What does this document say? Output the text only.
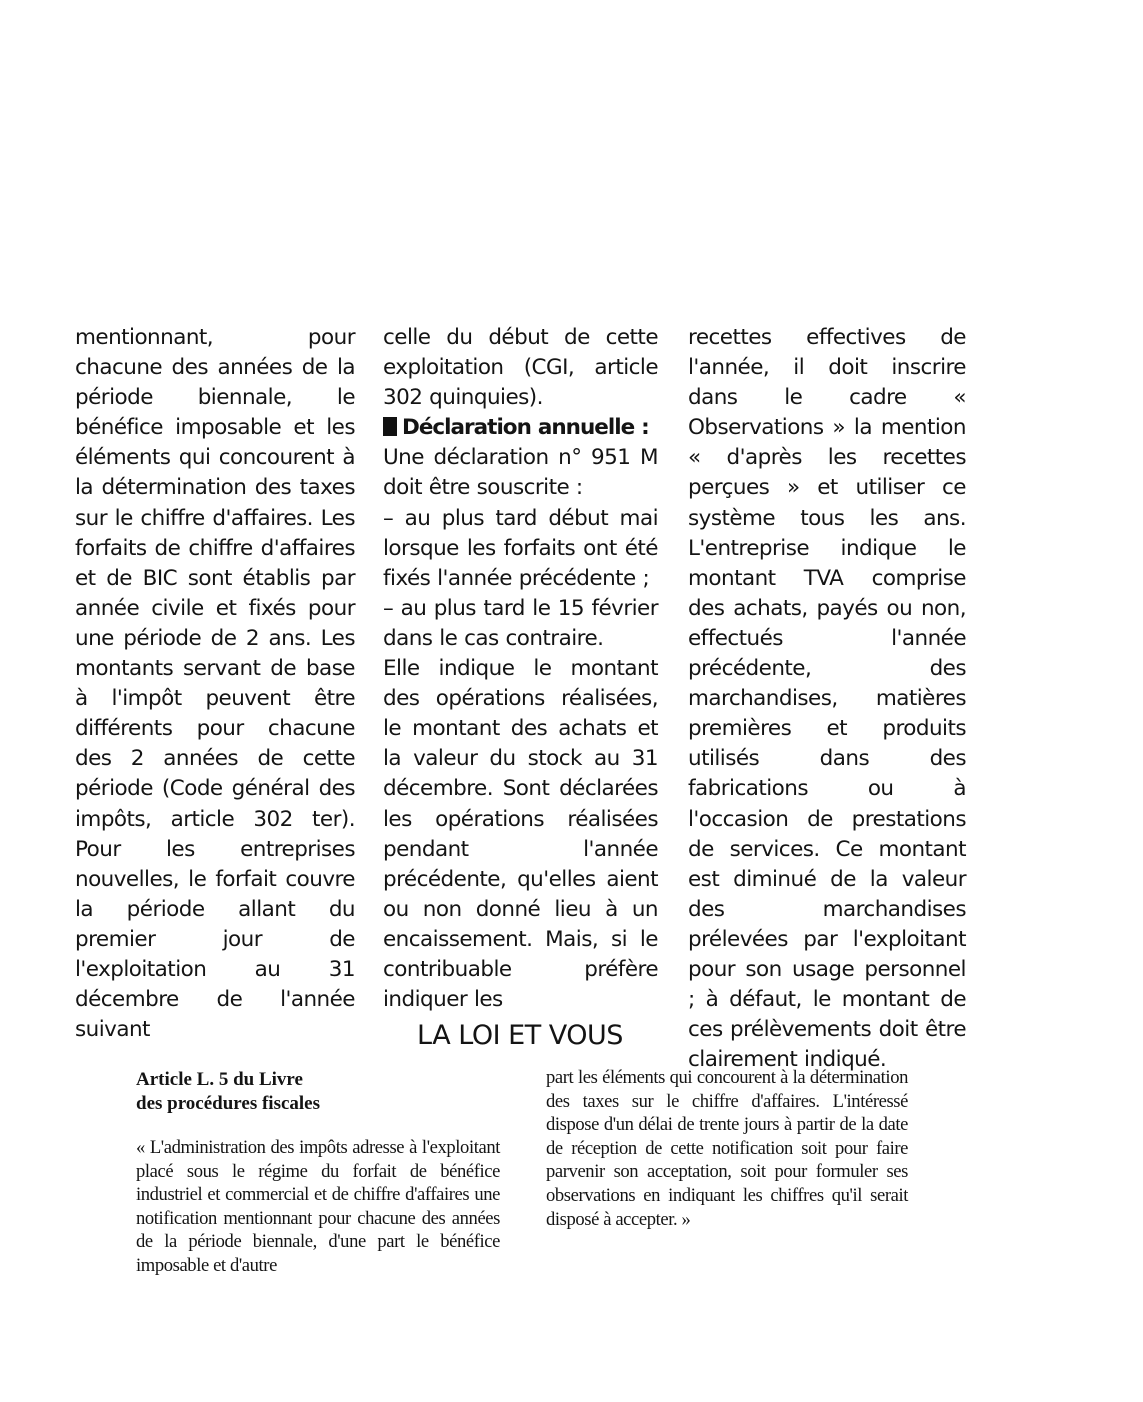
mentionnant, pour chacune des années de la période biennale, le bénéfice imposable et les éléments qui concourent à la détermination des taxes sur le chiffre d'affaires. Les forfaits de chiffre d'affaires et de BIC sont établis par année civile et fixés pour une période de 2 ans. Les montants servant de base à l'impôt peuvent être différents pour chacune des 2 années de cette période (Code général des impôts, article 302 ter). Pour les entreprises nouvelles, le forfait couvre la période allant du premier jour de l'exploitation au 31 décembre de l'année suivant

celle du début de cette exploitation (CGI, article 302 quinquies).

Déclaration annuelle :

Une déclaration n° 951 M doit être souscrite :

– au plus tard début mai lorsque les forfaits ont été fixés l'année précédente ;

– au plus tard le 15 février dans le cas contraire.

Elle indique le montant des opérations réalisées, le montant des achats et la valeur du stock au 31 décembre. Sont déclarées les opérations réalisées pendant l'année précédente, qu'elles aient ou non donné lieu à un encaissement. Mais, si le contribuable préfère indiquer les

recettes effectives de l'année, il doit inscrire dans le cadre « Observations » la mention « d'après les recettes perçues » et utiliser ce système tous les ans. L'entreprise indique le montant TVA comprise des achats, payés ou non, effectués l'année précédente, des marchandises, matières premières et produits utilisés dans des fabrications ou à l'occasion de prestations de services. Ce montant est diminué de la valeur des marchandises prélevées par l'exploitant pour son usage personnel ; à défaut, le montant de ces prélèvements doit être clairement indiqué.

LA LOI ET VOUS
Article L. 5 du Livre
des procédures fiscales

« L'administration des impôts adresse à l'exploitant placé sous le régime du forfait de bénéfice industriel et commercial et de chiffre d'affaires une notification mentionnant pour chacune des années de la période biennale, d'une part le bénéfice imposable et d'autre

part les éléments qui concourent à la détermination des taxes sur le chiffre d'affaires. L'intéressé dispose d'un délai de trente jours à partir de la date de réception de cette notification soit pour faire parvenir son acceptation, soit pour formuler ses observations en indiquant les chiffres qu'il serait disposé à accepter. »
